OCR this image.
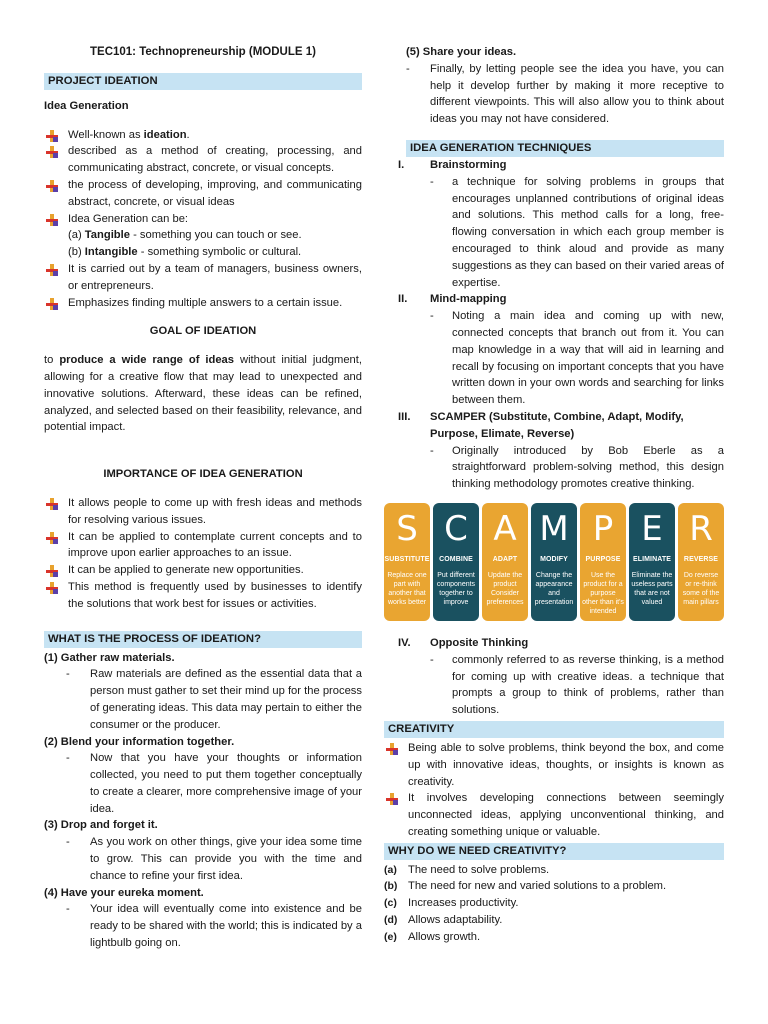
TEC101: Technopreneurship (MODULE 1)
PROJECT IDEATION
Idea Generation
Well-known as ideation.
described as a method of creating, processing, and communicating abstract, concrete, or visual concepts.
the process of developing, improving, and communicating abstract, concrete, or visual ideas
Idea Generation can be:
(a) Tangible - something you can touch or see.
(b) Intangible - something symbolic or cultural.
It is carried out by a team of managers, business owners, or entrepreneurs.
Emphasizes finding multiple answers to a certain issue.
GOAL OF IDEATION

to produce a wide range of ideas without initial judgment, allowing for a creative flow that may lead to unexpected and innovative solutions. Afterward, these ideas can be refined, analyzed, and selected based on their feasibility, relevance, and potential impact.

IMPORTANCE OF IDEA GENERATION
It allows people to come up with fresh ideas and methods for resolving various issues.
It can be applied to contemplate current concepts and to improve upon earlier approaches to an issue.
It can be applied to generate new opportunities.
This method is frequently used by businesses to identify the solutions that work best for issues or activities.
WHAT IS THE PROCESS OF IDEATION?

(1) Gather raw materials.

- Raw materials are defined as the essential data that a person must gather to set their mind up for the process of generating ideas. This data may pertain to either the consumer or the producer.

(2) Blend your information together.

- Now that you have your thoughts or information collected, you need to put them together conceptually to create a clearer, more comprehensive image of your idea.

(3) Drop and forget it.

- As you work on other things, give your idea some time to grow. This can provide you with the time and chance to refine your first idea.

(4) Have your eureka moment.

- Your idea will eventually come into existence and be ready to be shared with the world; this is indicated by a lightbulb going on.

(5) Share your ideas.

- Finally, by letting people see the idea you have, you can help it develop further by making it more receptive to different viewpoints. This will also allow you to think about ideas you may not have considered.

IDEA GENERATION TECHNIQUES

I. Brainstorming

- a technique for solving problems in groups that encourages unplanned contributions of original ideas and solutions. This method calls for a long, free-flowing conversation in which each group member is encouraged to think aloud and provide as many suggestions as they can based on their varied areas of expertise.

II. Mind-mapping

- Noting a main idea and coming up with new, connected concepts that branch out from it. You can map knowledge in a way that will aid in learning and recall by focusing on important concepts that you have written down in your own words and searching for links between them.

III. SCAMPER (Substitute, Combine, Adapt, Modify, Purpose, Elimate, Reverse)

- Originally introduced by Bob Eberle as a straightforward problem-solving method, this design thinking methodology promotes creative thinking.

S
SUBSTITUTE
Replace one part with another that works better
C
COMBINE
Put different components together to improve
A
ADAPT
Update the product Consider preferences
M
MODIFY
Change the appearance and presentation
P
PURPOSE
Use the product for a purpose other than it's intended
E
ELIMINATE
Eliminate the useless parts that are not valued
R
REVERSE
Do reverse or re-think some of the main pillars

IV. Opposite Thinking

- commonly referred to as reverse thinking, is a method for coming up with creative ideas. a technique that prompts a group to think of problems, rather than solutions.

CREATIVITY
Being able to solve problems, think beyond the box, and come up with innovative ideas, thoughts, or insights is known as creativity.
It involves developing connections between seemingly unconnected ideas, applying unconventional thinking, and creating something unique or valuable.
WHY DO WE NEED CREATIVITY?
(a) The need to solve problems.
(b) The need for new and varied solutions to a problem.
(c) Increases productivity.
(d) Allows adaptability.
(e) Allows growth.
